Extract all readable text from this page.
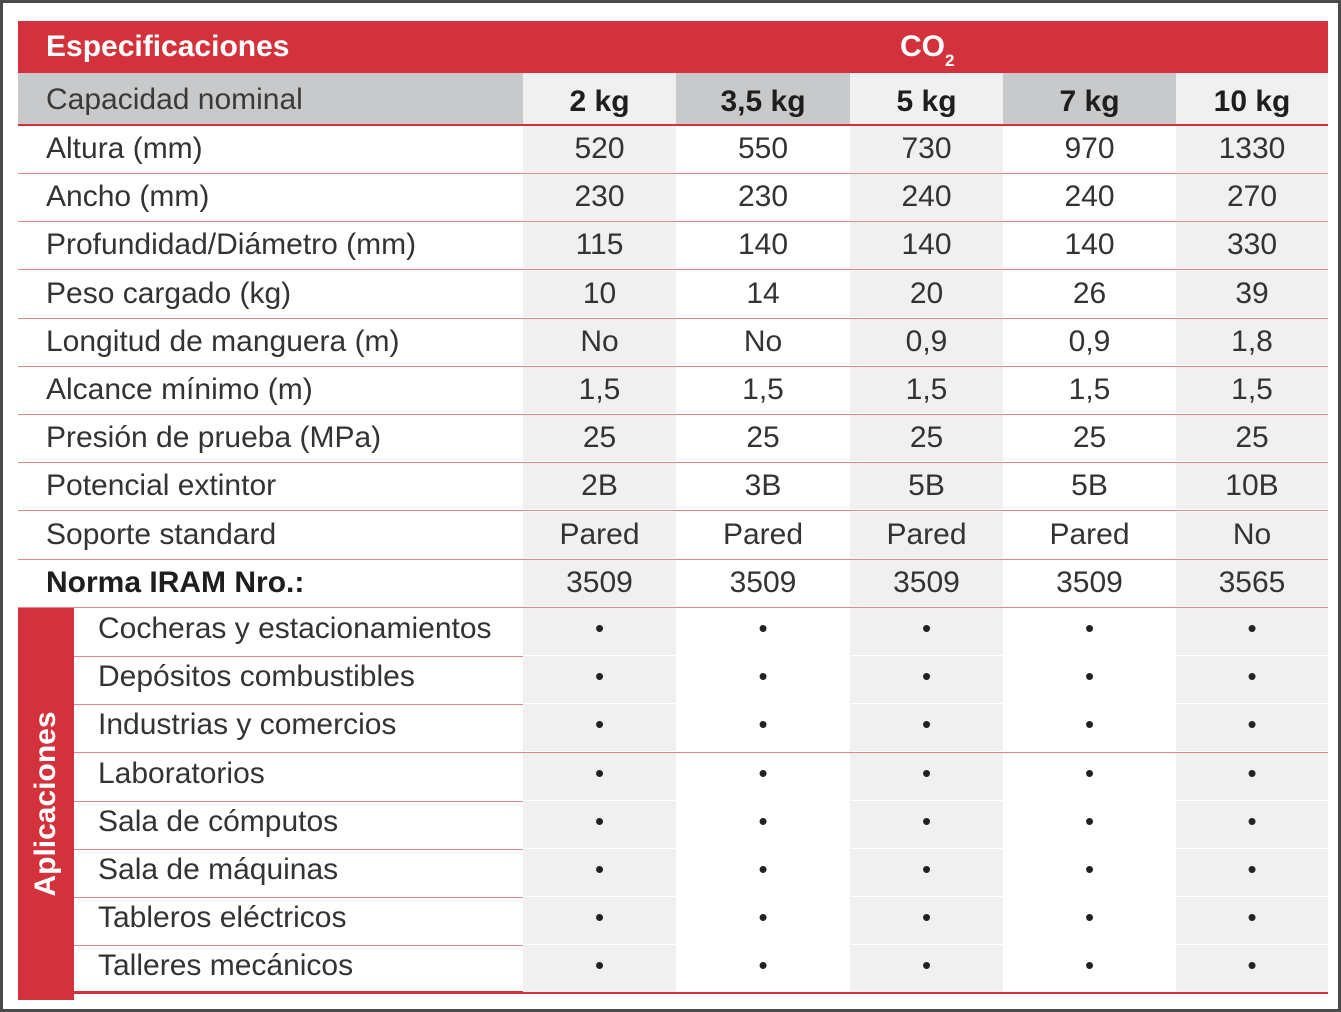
Especificaciones	$CO_2$
Capacidad nominal	2 kg	3,5 kg	5 kg	7 kg	10 kg
Altura (mm)	520	550	730	970	1330
Ancho (mm)	230	230	240	240	270
Profundidad/Diámetro (mm)	115	140	140	140	330
Peso cargado (kg)	10	14	20	26	39
Longitud de manguera (m)	No	No	0,9	0,9	1,8
Alcance mínimo (m)	1,5	1,5	1,5	1,5	1,5
Presión de prueba (MPa)	25	25	25	25	25
Potencial extintor	2B	3B	5B	5B	10B
Soporte standard	Pared	Pared	Pared	Pared	No
Norma IRAM Nro.:	3509	3509	3509	3509	3565
Aplicaciones
Cocheras y estacionamientos	•	•	•	•	•
Depósitos combustibles	•	•	•	•	•
Industrias y comercios	•	•	•	•	•
Laboratorios	•	•	•	•	•
Sala de cómputos	•	•	•	•	•
Sala de máquinas	•	•	•	•	•
Tableros eléctricos	•	•	•	•	•
Talleres mecánicos	•	•	•	•	•
